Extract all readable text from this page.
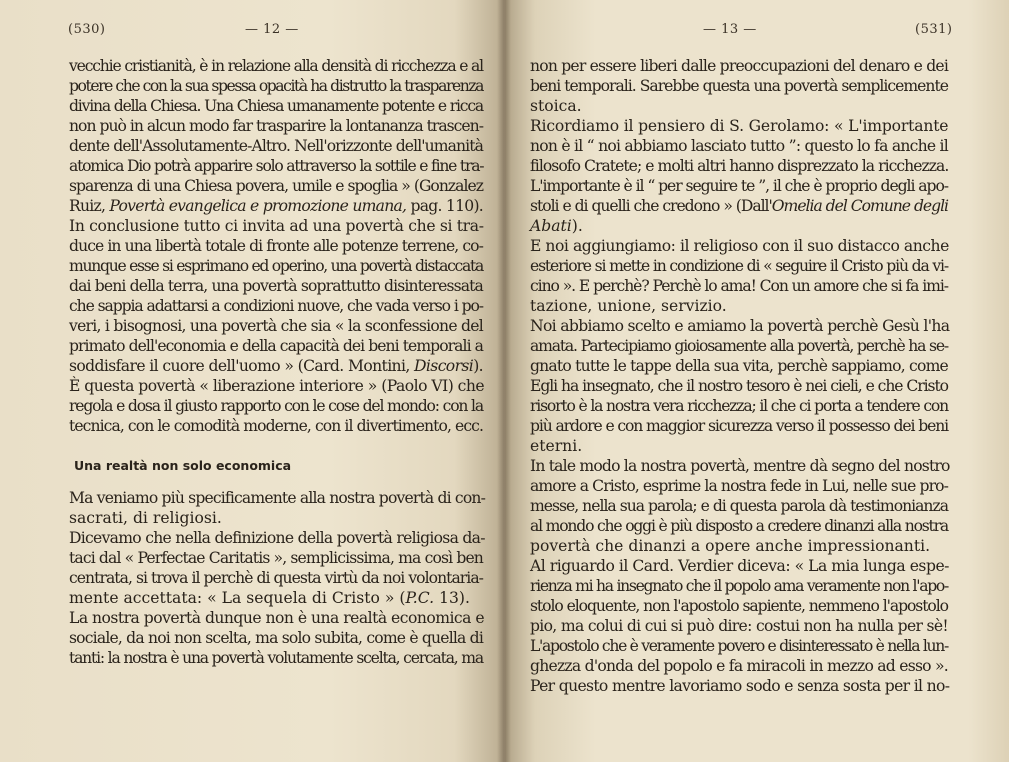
(530)	— 12 —
vecchie cristianità, è in relazione alla densità di ricchezza e al
potere che con la sua spessa opacità ha distrutto la trasparenza
divina della Chiesa. Una Chiesa umanamente potente e ricca
non può in alcun modo far trasparire la lontananza trascen-
dente dell'Assolutamente-Altro. Nell'orizzonte dell'umanità
atomica Dio potrà apparire solo attraverso la sottile e fine tra-
sparenza di una Chiesa povera, umile e spoglia » (Gonzalez
Ruiz, Povertà evangelica e promozione umana, pag. 110).
In conclusione tutto ci invita ad una povertà che si tra-
duce in una libertà totale di fronte alle potenze terrene, co-
munque esse si esprimano ed operino, una povertà distaccata
dai beni della terra, una povertà soprattutto disinteressata
che sappia adattarsi a condizioni nuove, che vada verso i po-
veri, i bisognosi, una povertà che sia « la sconfessione del
primato dell'economia e della capacità dei beni temporali a
soddisfare il cuore dell'uomo » (Card. Montini, Discorsi).
È questa povertà « liberazione interiore » (Paolo VI) che
regola e dosa il giusto rapporto con le cose del mondo: con la
tecnica, con le comodità moderne, con il divertimento, ecc.
Una realtà non solo economica
Ma veniamo più specificamente alla nostra povertà di con-
sacrati, di religiosi.
Dicevamo che nella definizione della povertà religiosa da-
taci dal « Perfectae Caritatis », semplicissima, ma così ben
centrata, si trova il perchè di questa virtù da noi volontaria-
mente accettata: « La sequela di Cristo » (P.C. 13).
La nostra povertà dunque non è una realtà economica e
sociale, da noi non scelta, ma solo subita, come è quella di
tanti: la nostra è una povertà volutamente scelta, cercata, ma
— 13 —	(531)
non per essere liberi dalle preoccupazioni del denaro e dei
beni temporali. Sarebbe questa una povertà semplicemente
stoica.
Ricordiamo il pensiero di S. Gerolamo: « L'importante
non è il “ noi abbiamo lasciato tutto ”: questo lo fa anche il
filosofo Cratete; e molti altri hanno disprezzato la ricchezza.
L'importante è il “ per seguire te ”, il che è proprio degli apo-
stoli e di quelli che credono » (Dall'Omelia del Comune degli
Abati).
E noi aggiungiamo: il religioso con il suo distacco anche
esteriore si mette in condizione di « seguire il Cristo più da vi-
cino ». E perchè? Perchè lo ama! Con un amore che si fa imi-
tazione, unione, servizio.
Noi abbiamo scelto e amiamo la povertà perchè Gesù l'ha
amata. Partecipiamo gioiosamente alla povertà, perchè ha se-
gnato tutte le tappe della sua vita, perchè sappiamo, come
Egli ha insegnato, che il nostro tesoro è nei cieli, e che Cristo
risorto è la nostra vera ricchezza; il che ci porta a tendere con
più ardore e con maggior sicurezza verso il possesso dei beni
eterni.
In tale modo la nostra povertà, mentre dà segno del nostro
amore a Cristo, esprime la nostra fede in Lui, nelle sue pro-
messe, nella sua parola; e di questa parola dà testimonianza
al mondo che oggi è più disposto a credere dinanzi alla nostra
povertà che dinanzi a opere anche impressionanti.
Al riguardo il Card. Verdier diceva: « La mia lunga espe-
rienza mi ha insegnato che il popolo ama veramente non l'apo-
stolo eloquente, non l'apostolo sapiente, nemmeno l'apostolo
pio, ma colui di cui si può dire: costui non ha nulla per sè!
L'apostolo che è veramente povero e disinteressato è nella lun-
ghezza d'onda del popolo e fa miracoli in mezzo ad esso ».
Per questo mentre lavoriamo sodo e senza sosta per il no-
